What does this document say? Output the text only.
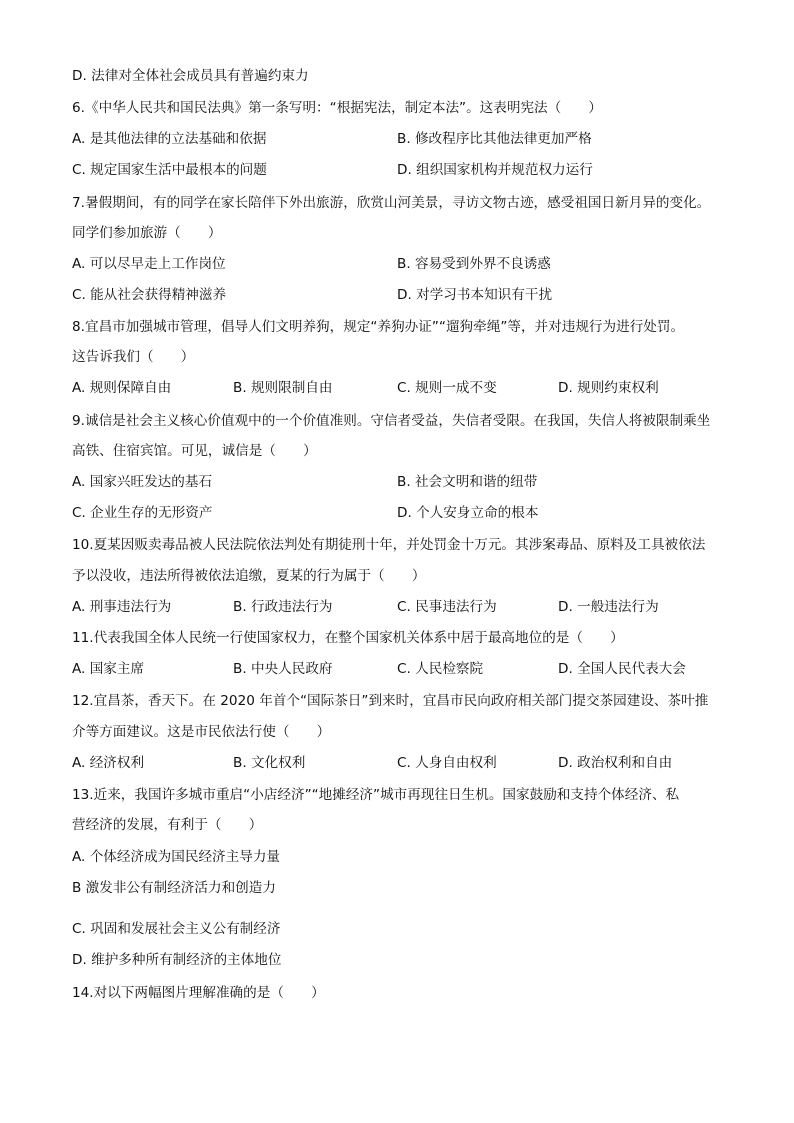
D. 法律对全体社会成员具有普遍约束力
6.《中华人民共和国民法典》第一条写明：“根据宪法，制定本法”。这表明宪法（　　）
A. 是其他法律的立法基础和依据	B. 修改程序比其他法律更加严格
C. 规定国家生活中最根本的问题	D. 组织国家机构并规范权力运行
7.暑假期间，有的同学在家长陪伴下外出旅游，欣赏山河美景，寻访文物古迹，感受祖国日新月异的变化。
同学们参加旅游（　　）
A. 可以尽早走上工作岗位	B. 容易受到外界不良诱惑
C. 能从社会获得精神滋养	D. 对学习书本知识有干扰
8.宜昌市加强城市管理，倡导人们文明养狗，规定“养狗办证”“遛狗牵绳”等，并对违规行为进行处罚。
这告诉我们（　　）
A. 规则保障自由	B. 规则限制自由	C. 规则一成不变	D. 规则约束权利
9.诚信是社会主义核心价值观中的一个价值准则。守信者受益，失信者受限。在我国，失信人将被限制乘坐
高铁、住宿宾馆。可见，诚信是（　　）
A. 国家兴旺发达的基石	B. 社会文明和谐的纽带
C. 企业生存的无形资产	D. 个人安身立命的根本
10.夏某因贩卖毒品被人民法院依法判处有期徒刑十年，并处罚金十万元。其涉案毒品、原料及工具被依法
予以没收，违法所得被依法追缴，夏某的行为属于（　　）
A. 刑事违法行为	B. 行政违法行为	C. 民事违法行为	D. 一般违法行为
11.代表我国全体人民统一行使国家权力，在整个国家机关体系中居于最高地位的是（　　）
A. 国家主席	B. 中央人民政府	C. 人民检察院	D. 全国人民代表大会
12.宜昌茶，香天下。在 2020 年首个“国际茶日”到来时，宜昌市民向政府相关部门提交茶园建设、茶叶推
介等方面建议。这是市民依法行使（　　）
A. 经济权利	B. 文化权利	C. 人身自由权利	D. 政治权利和自由
13.近来，我国许多城市重启“小店经济”“地摊经济”城市再现往日生机。国家鼓励和支持个体经济、私
营经济的发展，有利于（　　）
A. 个体经济成为国民经济主导力量
B 激发非公有制经济活力和创造力
C. 巩固和发展社会主义公有制经济
D. 维护多种所有制经济的主体地位
14.对以下两幅图片理解准确的是（　　）
